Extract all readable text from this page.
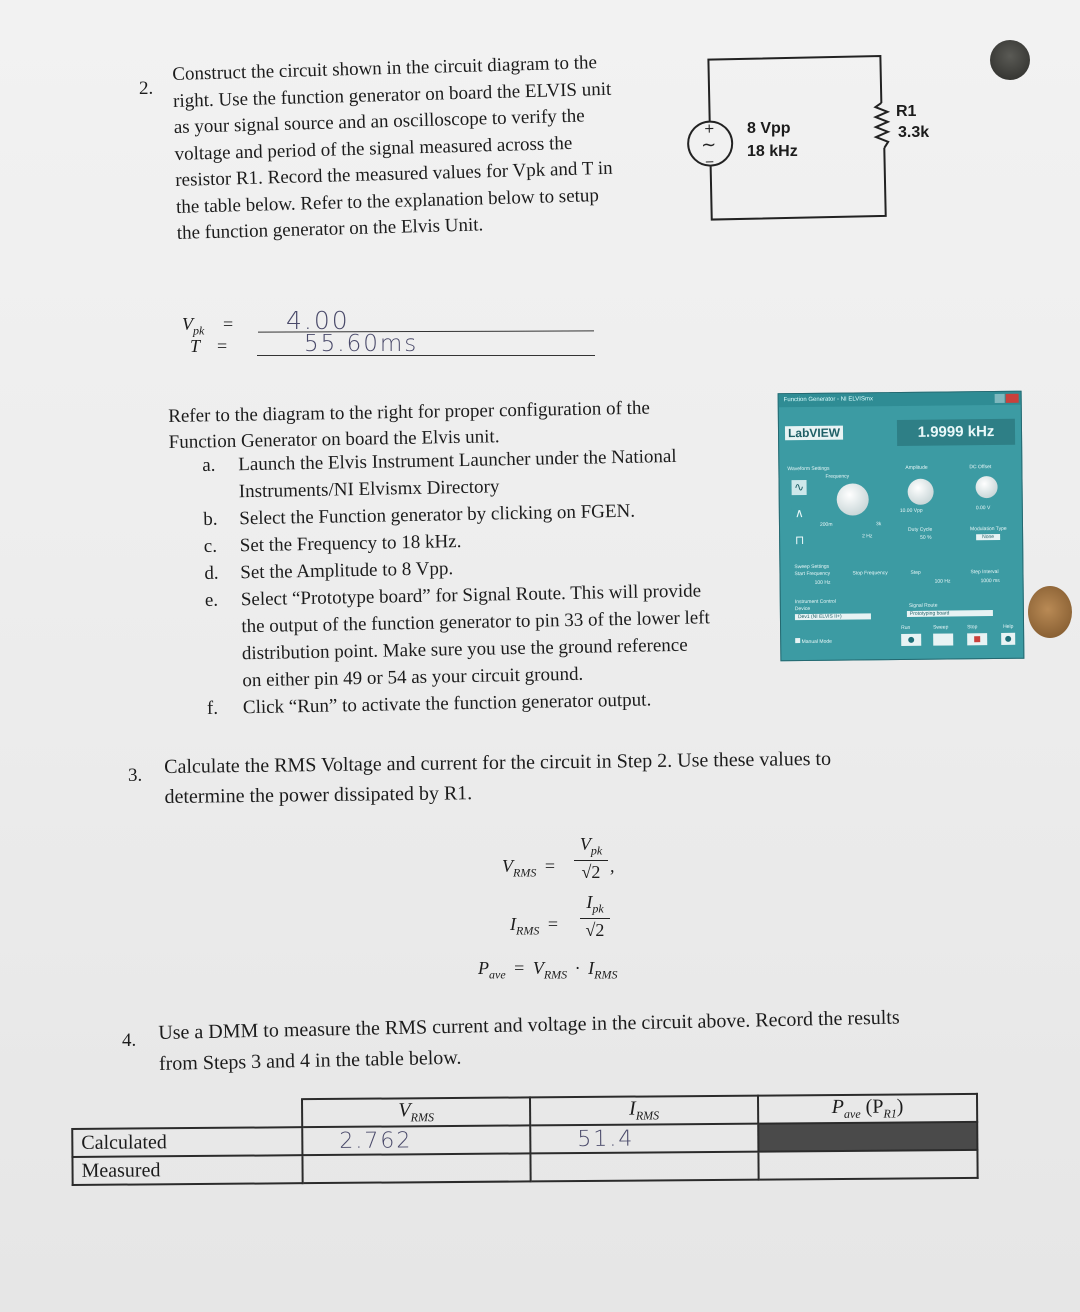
2.

Construct the circuit shown in the circuit diagram to the

right. Use the function generator on board the ELVIS unit

as your signal source and an oscilloscope to verify the

voltage and period of the signal measured across the

resistor R1. Record the measured values for Vpk and T in

the table below. Refer to the explanation below to setup

the function generator on the Elvis Unit.

+
~
−
8 Vpp
18 kHz
R1
3.3k
$V_{pk}$ =
T =
4.00
55.60ms

Refer to the diagram to the right for proper configuration of the

Function Generator on board the Elvis unit.

a.	Launch the Elvis Instrument Launcher under the National

Instruments/NI Elvismx Directory

b.	Select the Function generator by clicking on FGEN.

c.	Set the Frequency to 18 kHz.

d.	Set the Amplitude to 8 Vpp.

e.	Select “Prototype board” for Signal Route. This will provide

the output of the function generator to pin 33 of the lower left

distribution point. Make sure you use the ground reference

on either pin 49 or 54 as your circuit ground.

f.	Click “Run” to activate the function generator output.

Function Generator - NI ELVISmx
LabVIEW	1.9999 kHz
Waveform Settings
Frequency
∿
∧
⊓
200m	3k
2 Hz
Amplitude
10.00 Vpp
DC Offset
0.00 V
Duty Cycle
50 %
Modulation Type
None
Sweep Settings
Start Frequency
100 Hz
Stop Frequency	Step
100 Hz
Step Interval
1000 ms
Instrument Control
Device
Dev1 (NI ELVIS II+)
Signal Route
Prototyping board
Manual Mode
Run	Sweep	Stop	Help
3. Calculate the RMS Voltage and current for the circuit in Step 2. Use these values to

determine the power dissipated by R1.

$V_{RMS}$ =
$V_{pk}$
√2 ,
$I_{RMS}$ =
$I_{pk}$
√2
$P_{ave} = V_{RMS} \cdot I_{RMS}$
4. Use a DMM to measure the RMS current and voltage in the circuit above. Record the results

from Steps 3 and 4 in the table below.

	$V_{RMS}$	$I_{RMS}$	$P_{ave}$ $(P_{R1})$
Calculated	2.762	51.4	
Measured			
